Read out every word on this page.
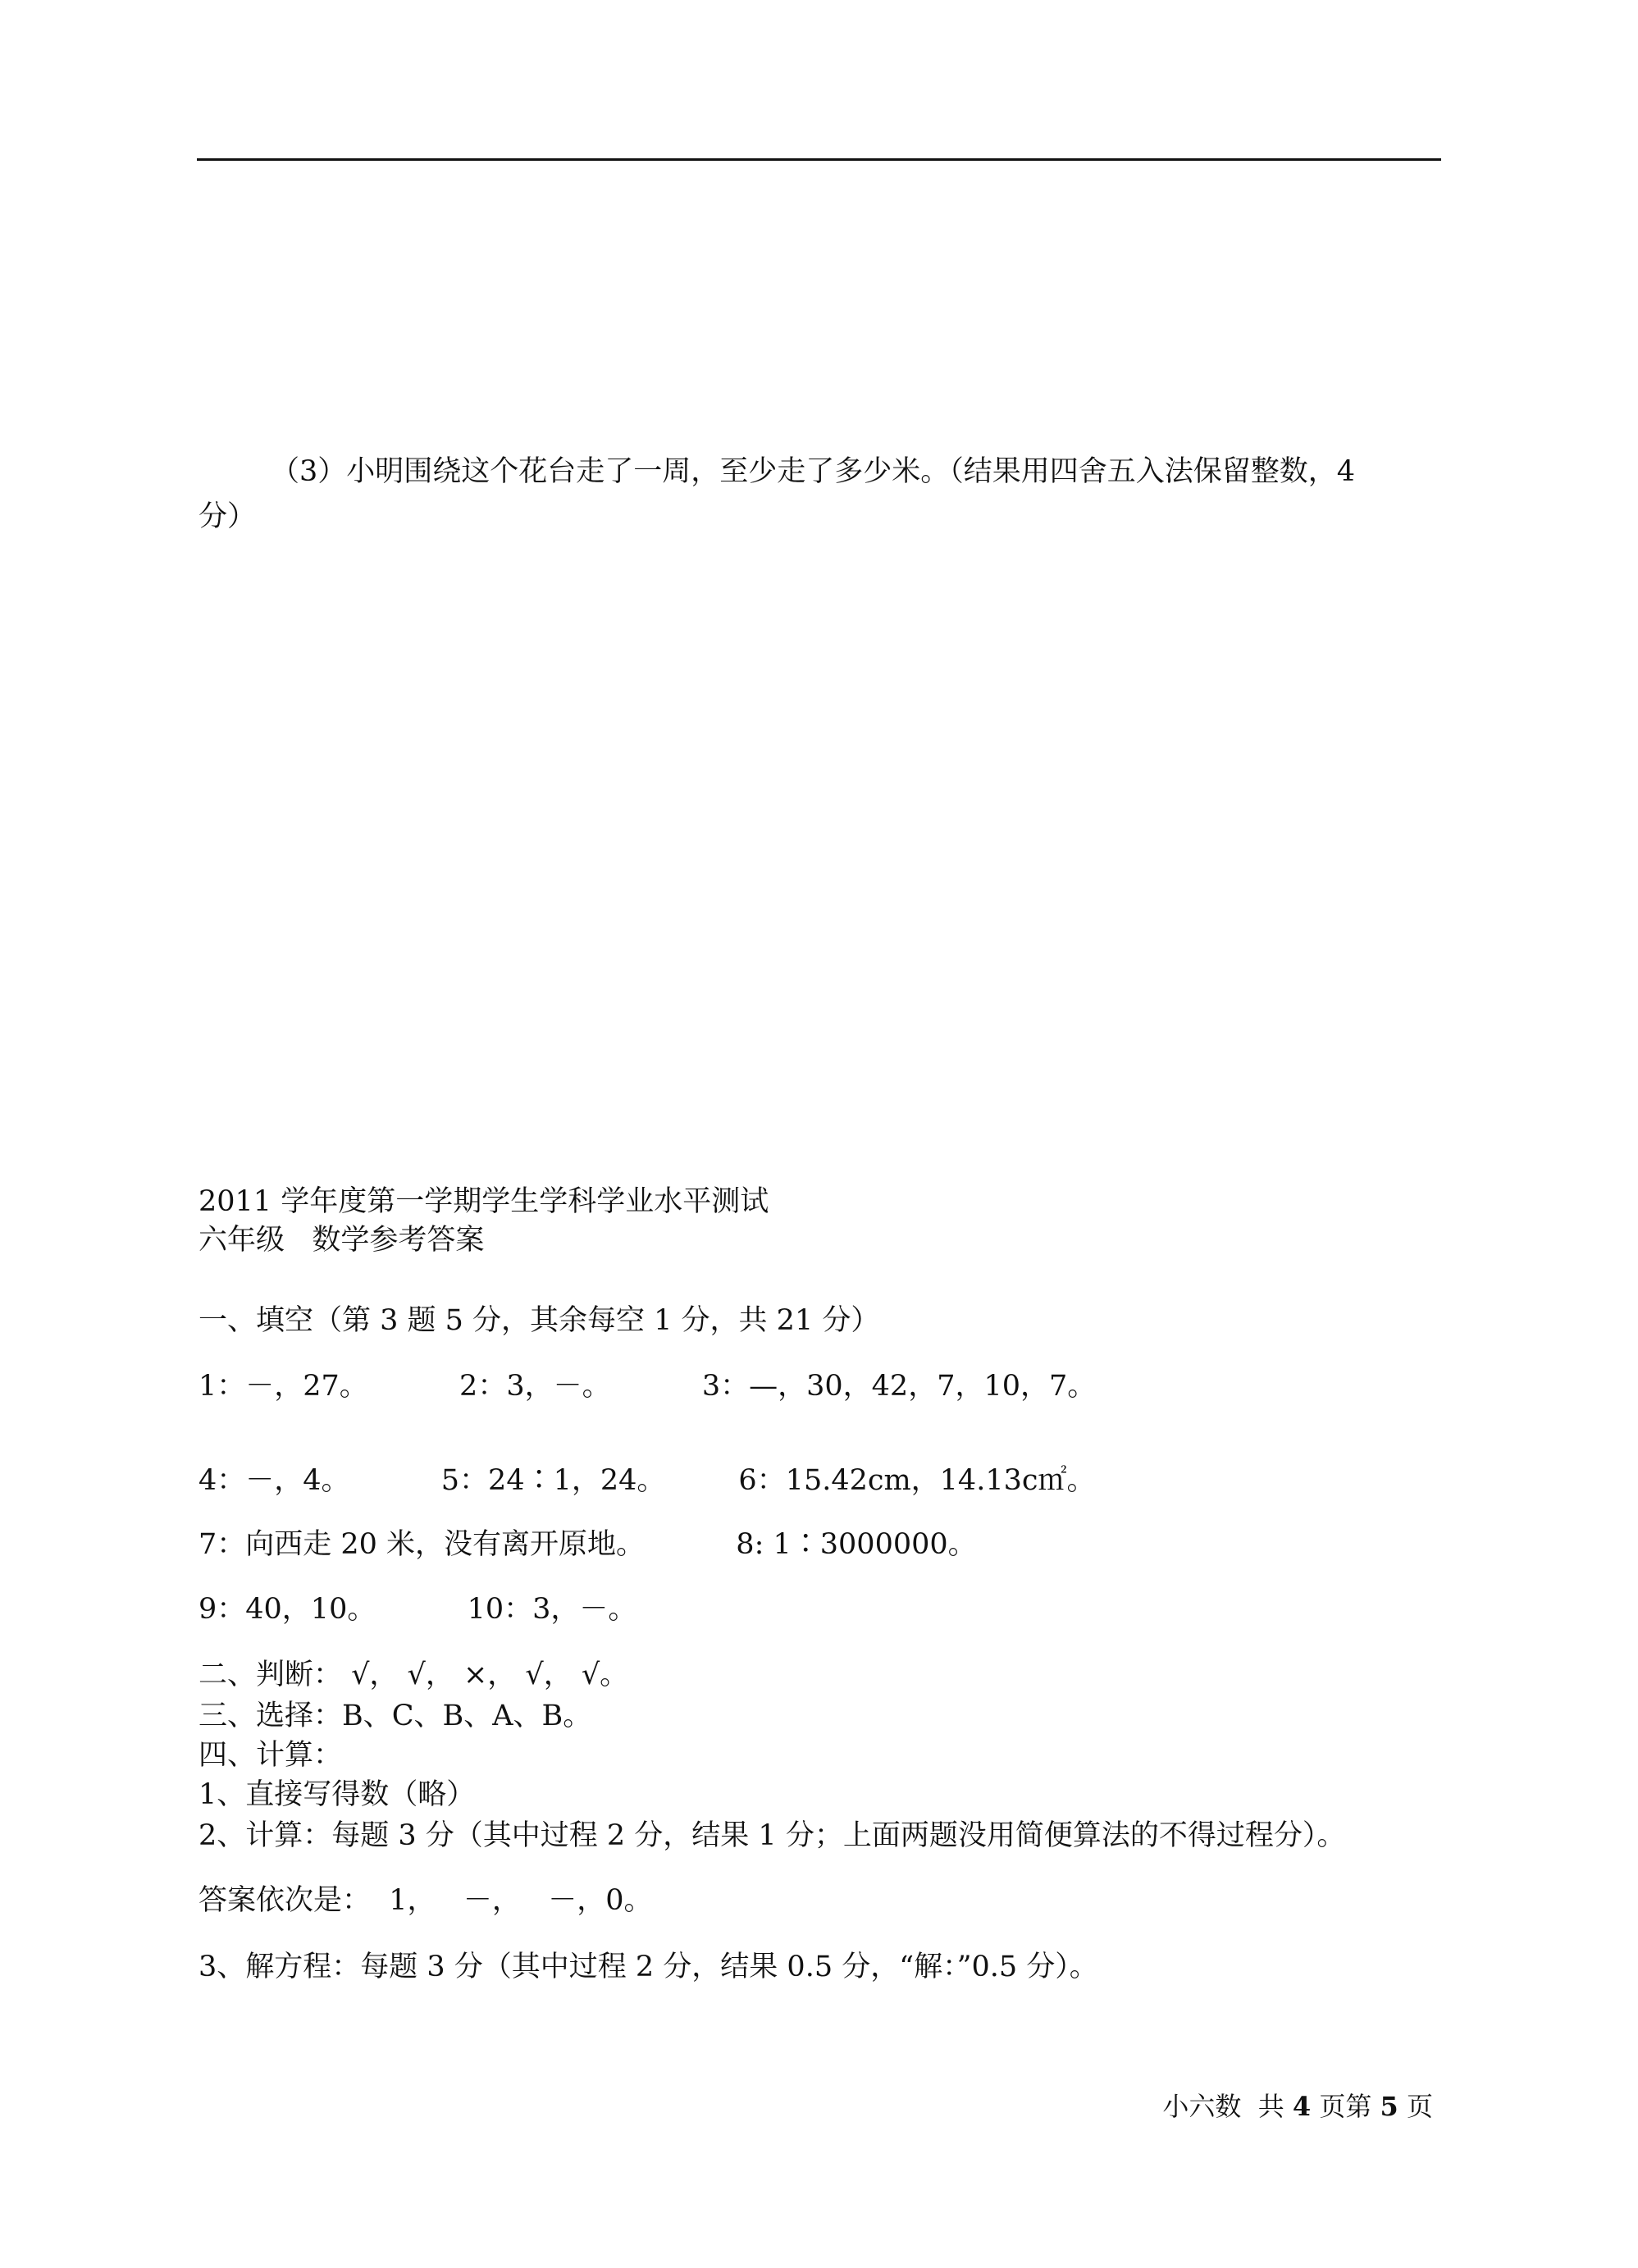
（3）小明围绕这个花台走了一周，至少走了多少米。（结果用四舍五入法保留整数，4
分）
2011 学年度第一学期学生学科学业水平测试
六年级   数学参考答案
一、填空（第 3 题 5 分，其余每空 1 分，共 21 分）
1：－，27。          2：3，－。          3：—，30，42，7，10，7。
4：－，4。          5：24∶1，24。        6：15.42cm，14.13c㎡。
7：向西走 20 米，没有离开原地。          8: 1∶3000000。
9：40，10。          10：3，－。
二、判断： √， √， ×， √， √。
三、选择：B、C、B、A、B。
四、计算：
1、直接写得数（略）
2、计算：每题 3 分（其中过程 2 分，结果 1 分；上面两题没用简便算法的不得过程分）。
答案依次是：  1，   －，   －，0。
3、解方程：每题 3 分（其中过程 2 分，结果 0.5 分，“解：”0.5 分）。
小六数  共 4 页第 5 页
